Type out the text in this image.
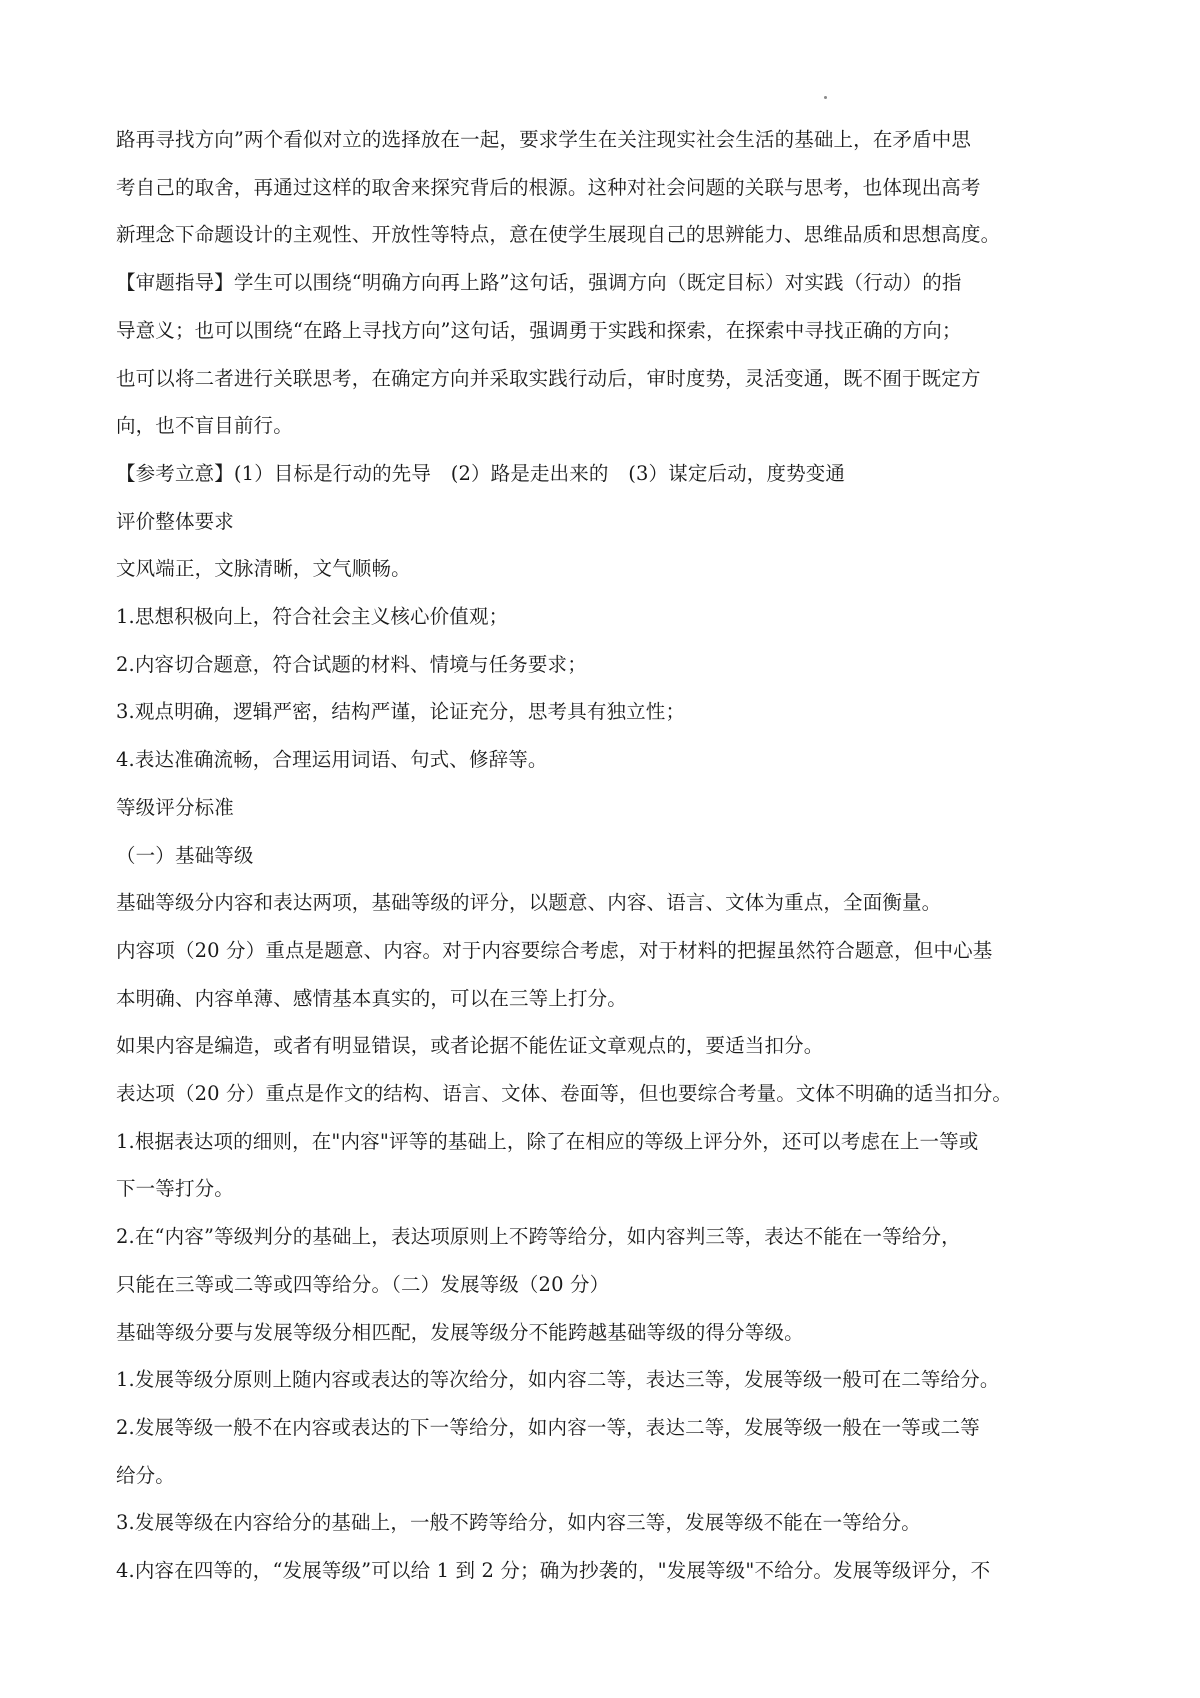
路再寻找方向”两个看似对立的选择放在一起，要求学生在关注现实社会生活的基础上，在矛盾中思

考自己的取舍，再通过这样的取舍来探究背后的根源。这种对社会问题的关联与思考，也体现出高考

新理念下命题设计的主观性、开放性等特点，意在使学生展现自己的思辨能力、思维品质和思想高度。

【审题指导】学生可以围绕“明确方向再上路”这句话，强调方向（既定目标）对实践（行动）的指

导意义；也可以围绕“在路上寻找方向”这句话，强调勇于实践和探索，在探索中寻找正确的方向；

也可以将二者进行关联思考，在确定方向并采取实践行动后，审时度势，灵活变通，既不囿于既定方

向，也不盲目前行。

【参考立意】(1）目标是行动的先导　(2）路是走出来的　(3）谋定后动，度势变通

评价整体要求

文风端正，文脉清晰，文气顺畅。

1.思想积极向上，符合社会主义核心价值观；

2.内容切合题意，符合试题的材料、情境与任务要求；

3.观点明确，逻辑严密，结构严谨，论证充分，思考具有独立性；

4.表达准确流畅，合理运用词语、句式、修辞等。

等级评分标准

（一）基础等级

基础等级分内容和表达两项，基础等级的评分，以题意、内容、语言、文体为重点，全面衡量。

内容项（20 分）重点是题意、内容。对于内容要综合考虑，对于材料的把握虽然符合题意，但中心基

本明确、内容单薄、感情基本真实的，可以在三等上打分。

如果内容是编造，或者有明显错误，或者论据不能佐证文章观点的，要适当扣分。

表达项（20 分）重点是作文的结构、语言、文体、卷面等，但也要综合考量。文体不明确的适当扣分。

1.根据表达项的细则，在"内容"评等的基础上，除了在相应的等级上评分外，还可以考虑在上一等或

下一等打分。

2.在“内容”等级判分的基础上，表达项原则上不跨等给分，如内容判三等，表达不能在一等给分，

只能在三等或二等或四等给分。（二）发展等级（20 分）

基础等级分要与发展等级分相匹配，发展等级分不能跨越基础等级的得分等级。

1.发展等级分原则上随内容或表达的等次给分，如内容二等，表达三等，发展等级一般可在二等给分。

2.发展等级一般不在内容或表达的下一等给分，如内容一等，表达二等，发展等级一般在一等或二等

给分。

3.发展等级在内容给分的基础上，一般不跨等给分，如内容三等，发展等级不能在一等给分。

4.内容在四等的，“发展等级”可以给 1 到 2 分；确为抄袭的，"发展等级"不给分。发展等级评分，不
